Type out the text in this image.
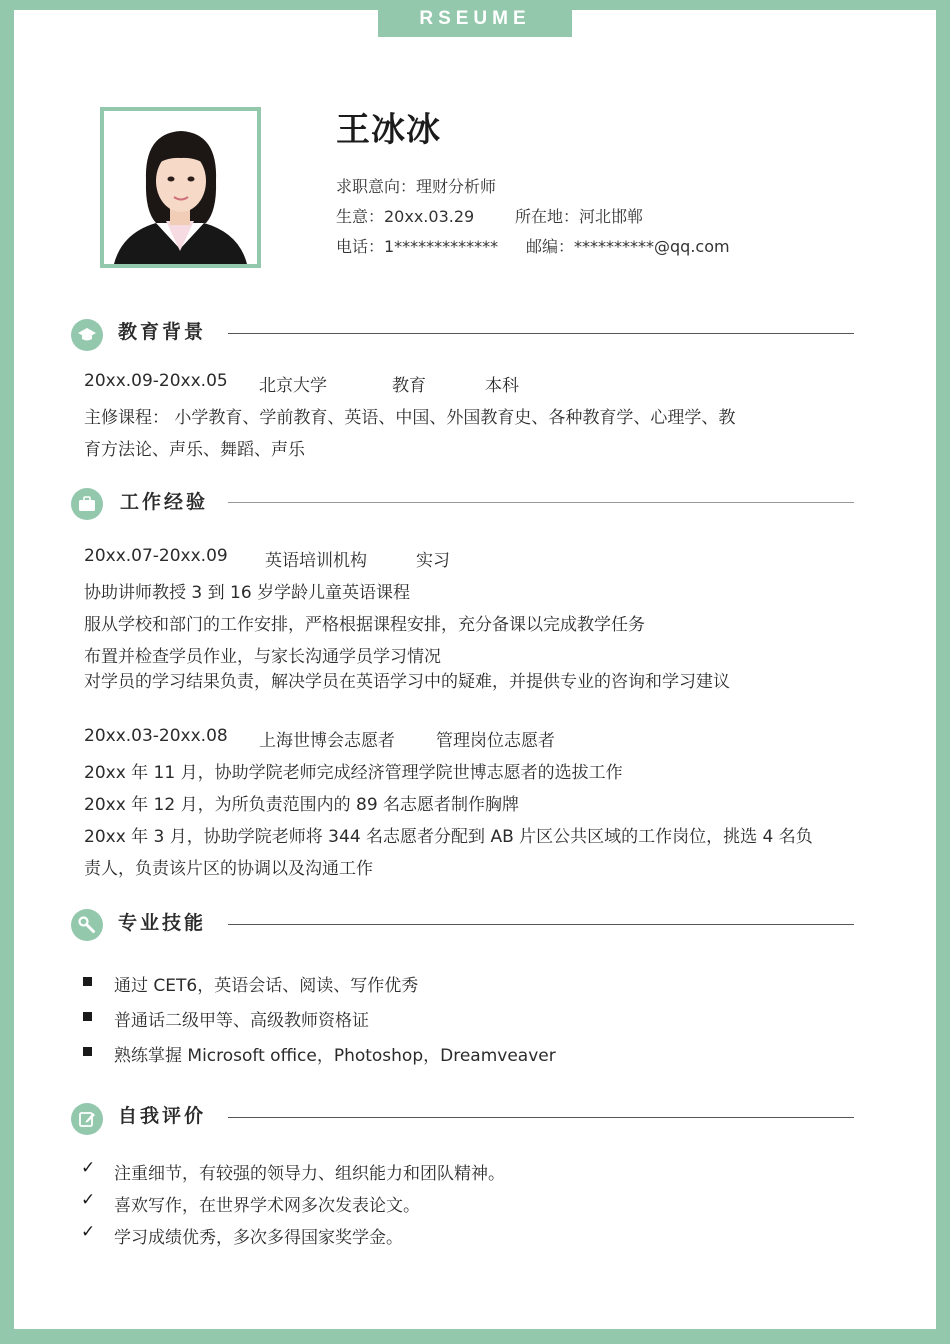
RSEUME
王冰冰
求职意向：理财分析师
生意：20xx.03.29	所在地：河北邯郸
电话：1************* 邮编：**********@qq.com
教育背景
20xx.09-20xx.05 北京大学	教育	本科
主修课程： 小学教育、学前教育、英语、中国、外国教育史、各种教育学、心理学、教
育方法论、声乐、舞蹈、声乐
工作经验
20xx.07-20xx.09 英语培训机构	实习
协助讲师教授 3 到 16 岁学龄儿童英语课程
服从学校和部门的工作安排，严格根据课程安排，充分备课以完成教学任务
布置并检查学员作业，与家长沟通学员学习情况
对学员的学习结果负责，解决学员在英语学习中的疑难，并提供专业的咨询和学习建议
20xx.03-20xx.08 上海世博会志愿者 管理岗位志愿者
20xx 年 11 月，协助学院老师完成经济管理学院世博志愿者的选拔工作
20xx 年 12 月，为所负责范围内的 89 名志愿者制作胸牌
20xx 年 3 月，协助学院老师将 344 名志愿者分配到 AB 片区公共区域的工作岗位，挑选 4 名负
责人，负责该片区的协调以及沟通工作
专业技能
通过 CET6，英语会话、阅读、写作优秀
普通话二级甲等、高级教师资格证
熟练掌握 Microsoft office，Photoshop，Dreamveaver
自我评价
✓ 注重细节，有较强的领导力、组织能力和团队精神。
✓ 喜欢写作，在世界学术网多次发表论文。
✓ 学习成绩优秀，多次多得国家奖学金。
